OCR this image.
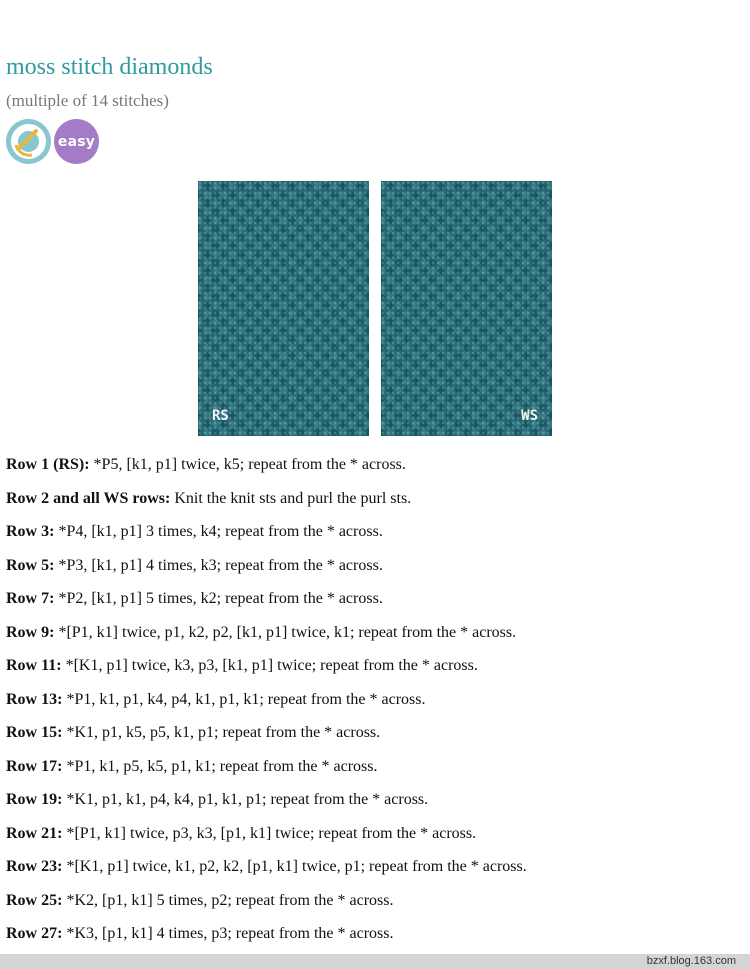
moss stitch diamonds
(multiple of 14 stitches)
easy
RS	WS
Row 1 (RS): *P5, [k1, p1] twice, k5; repeat from the * across.
Row 2 and all WS rows: Knit the knit sts and purl the purl sts.
Row 3: *P4, [k1, p1] 3 times, k4; repeat from the * across.
Row 5: *P3, [k1, p1] 4 times, k3; repeat from the * across.
Row 7: *P2, [k1, p1] 5 times, k2; repeat from the * across.
Row 9: *[P1, k1] twice, p1, k2, p2, [k1, p1] twice, k1; repeat from the * across.
Row 11: *[K1, p1] twice, k3, p3, [k1, p1] twice; repeat from the * across.
Row 13: *P1, k1, p1, k4, p4, k1, p1, k1; repeat from the * across.
Row 15: *K1, p1, k5, p5, k1, p1; repeat from the * across.
Row 17: *P1, k1, p5, k5, p1, k1; repeat from the * across.
Row 19: *K1, p1, k1, p4, k4, p1, k1, p1; repeat from the * across.
Row 21: *[P1, k1] twice, p3, k3, [p1, k1] twice; repeat from the * across.
Row 23: *[K1, p1] twice, k1, p2, k2, [p1, k1] twice, p1; repeat from the * across.
Row 25: *K2, [p1, k1] 5 times, p2; repeat from the * across.
Row 27: *K3, [p1, k1] 4 times, p3; repeat from the * across.
bzxf.blog.163.com
